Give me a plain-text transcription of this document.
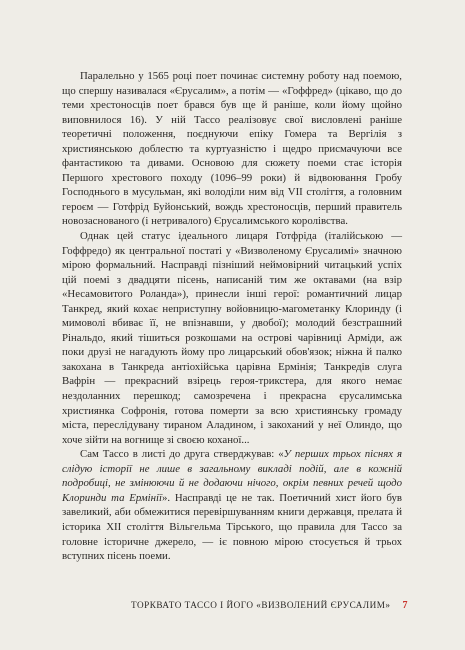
Паралельно у 1565 році поет починає системну роботу над поемою, що спершу називалася «Єрусалим», а потім — «Гоффред» (цікаво, що до теми хрестоносців поет брався був ще й раніше, коли йому щойно виповнилося 16). У ній Тассо реалізовує свої висловлені раніше теоретичні положення, поєднуючи епіку Гомера та Вергілія з християнською доблестю та куртуазністю і щедро присмачуючи все фантастикою та дивами. Основою для сюжету поеми стає історія Першого хрестового походу (1096–99 роки) й відвоювання Гробу Господнього в мусульман, які володіли ним від VII століття, а головним героєм — Готфрід Буйонський, вождь хрестоносців, перший правитель новозаснованого (і нетривалого) Єрусалимського королівства.

Однак цей статус ідеального лицаря Готфріда (італійською — Гоффредо) як центральної постаті у «Визволеному Єрусалимі» значною мірою формальний. Насправді пізніший неймовірний читацький успіх цій поемі з двадцяти пісень, написаній тим же октавами (на взір «Несамовитого Роланда»), принесли інші герої: романтичний лицар Танкред, який кохає неприступну войовницю-магометанку Клоринду (і мимоволі вбиває її, не впізнавши, у двобої); молодий безстрашний Рінальдо, який тішиться розкошами на острові чарівниці Арміди, аж поки друзі не нагадують йому про лицарський обов'язок; ніжна й палко закохана в Танкреда антіохійська царівна Ермінія; Танкредів слуга Вафрін — прекрасний взірець героя-трикстера, для якого немає нездоланних перешкод; самозречена і прекрасна єрусалимська християнка Софронія, готова померти за всю християнську громаду міста, переслідувану тираном Аладином, і закоханий у неї Олиндо, що хоче зійти на вогнище зі своєю коханої...

Сам Тассо в листі до друга стверджував: «У перших трьох піснях я слідую історії не лише в загальному викладі подій, але в кожній подробиці, не змінюючи й не додаючи нічого, окрім певних речей щодо Клоринди та Ермінії». Насправді це не так. Поетичний хист його був завеликий, аби обмежитися перевіршуванням книги державця, прелата й історика XII століття Вільгельма Тірського, що правила для Тассо за головне історичне джерело, — іє повною мірою стосується й трьох вступних пісень поеми.

ТОРКВАТО ТАССО І ЙОГО «ВИЗВОЛЕНИЙ ЄРУСАЛИМ» 7
